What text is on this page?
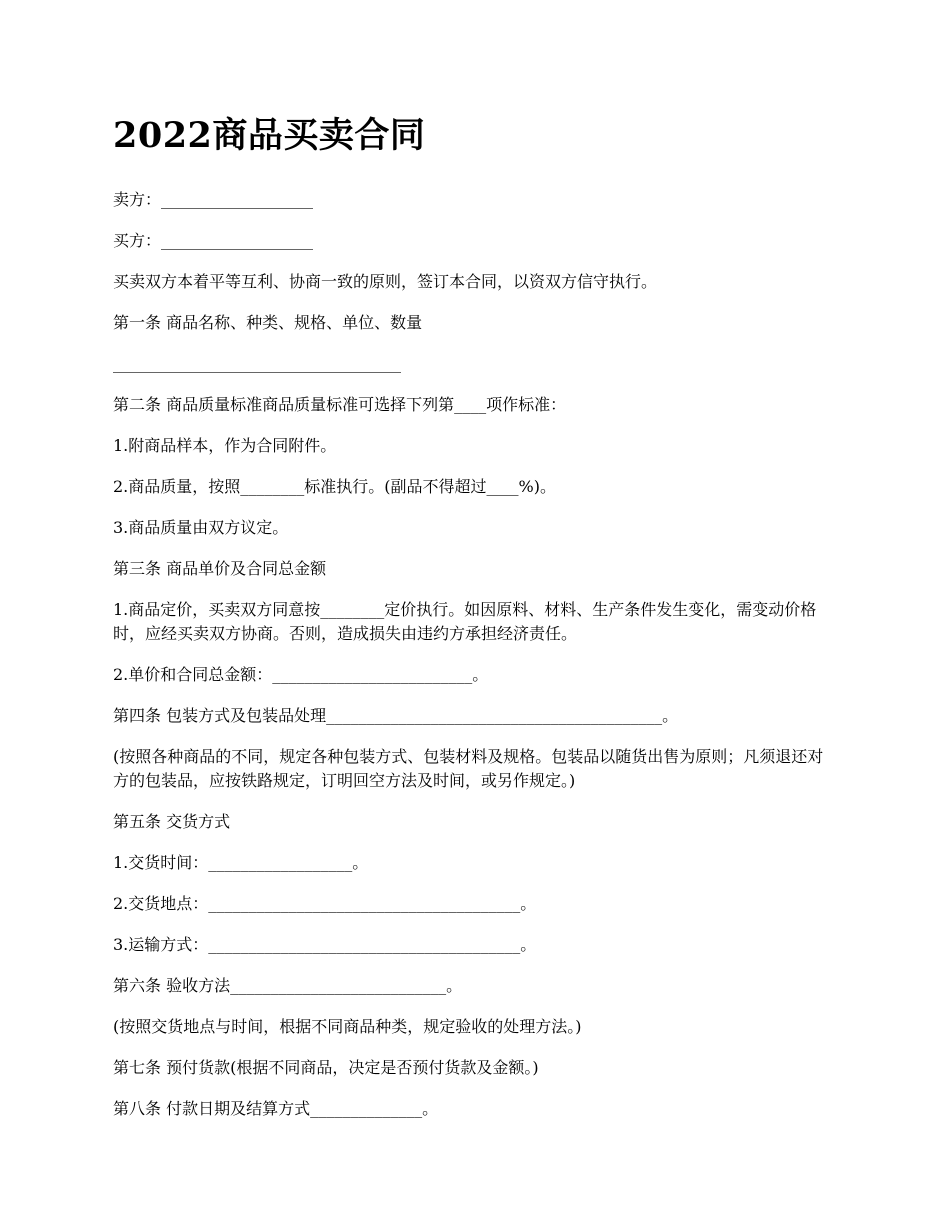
2022商品买卖合同

卖方：___________________

买方：___________________

买卖双方本着平等互利、协商一致的原则，签订本合同，以资双方信守执行。

第一条 商品名称、种类、规格、单位、数量

____________________________________

第二条 商品质量标准商品质量标准可选择下列第____项作标准：

1.附商品样本，作为合同附件。

2.商品质量，按照________标准执行。(副品不得超过____%)。

3.商品质量由双方议定。

第三条 商品单价及合同总金额

1.商品定价，买卖双方同意按________定价执行。如因原料、材料、生产条件发生变化，需变动价格时，应经买卖双方协商。否则，造成损失由违约方承担经济责任。

2.单价和合同总金额：_________________________。

第四条 包装方式及包装品处理__________________________________________。

(按照各种商品的不同，规定各种包装方式、包装材料及规格。包装品以随货出售为原则；凡须退还对方的包装品，应按铁路规定，订明回空方法及时间，或另作规定。)

第五条 交货方式

1.交货时间：__________________。

2.交货地点：_______________________________________。

3.运输方式：_______________________________________。

第六条 验收方法___________________________。

(按照交货地点与时间，根据不同商品种类，规定验收的处理方法。)

第七条 预付货款(根据不同商品，决定是否预付货款及金额。)

第八条 付款日期及结算方式______________。
